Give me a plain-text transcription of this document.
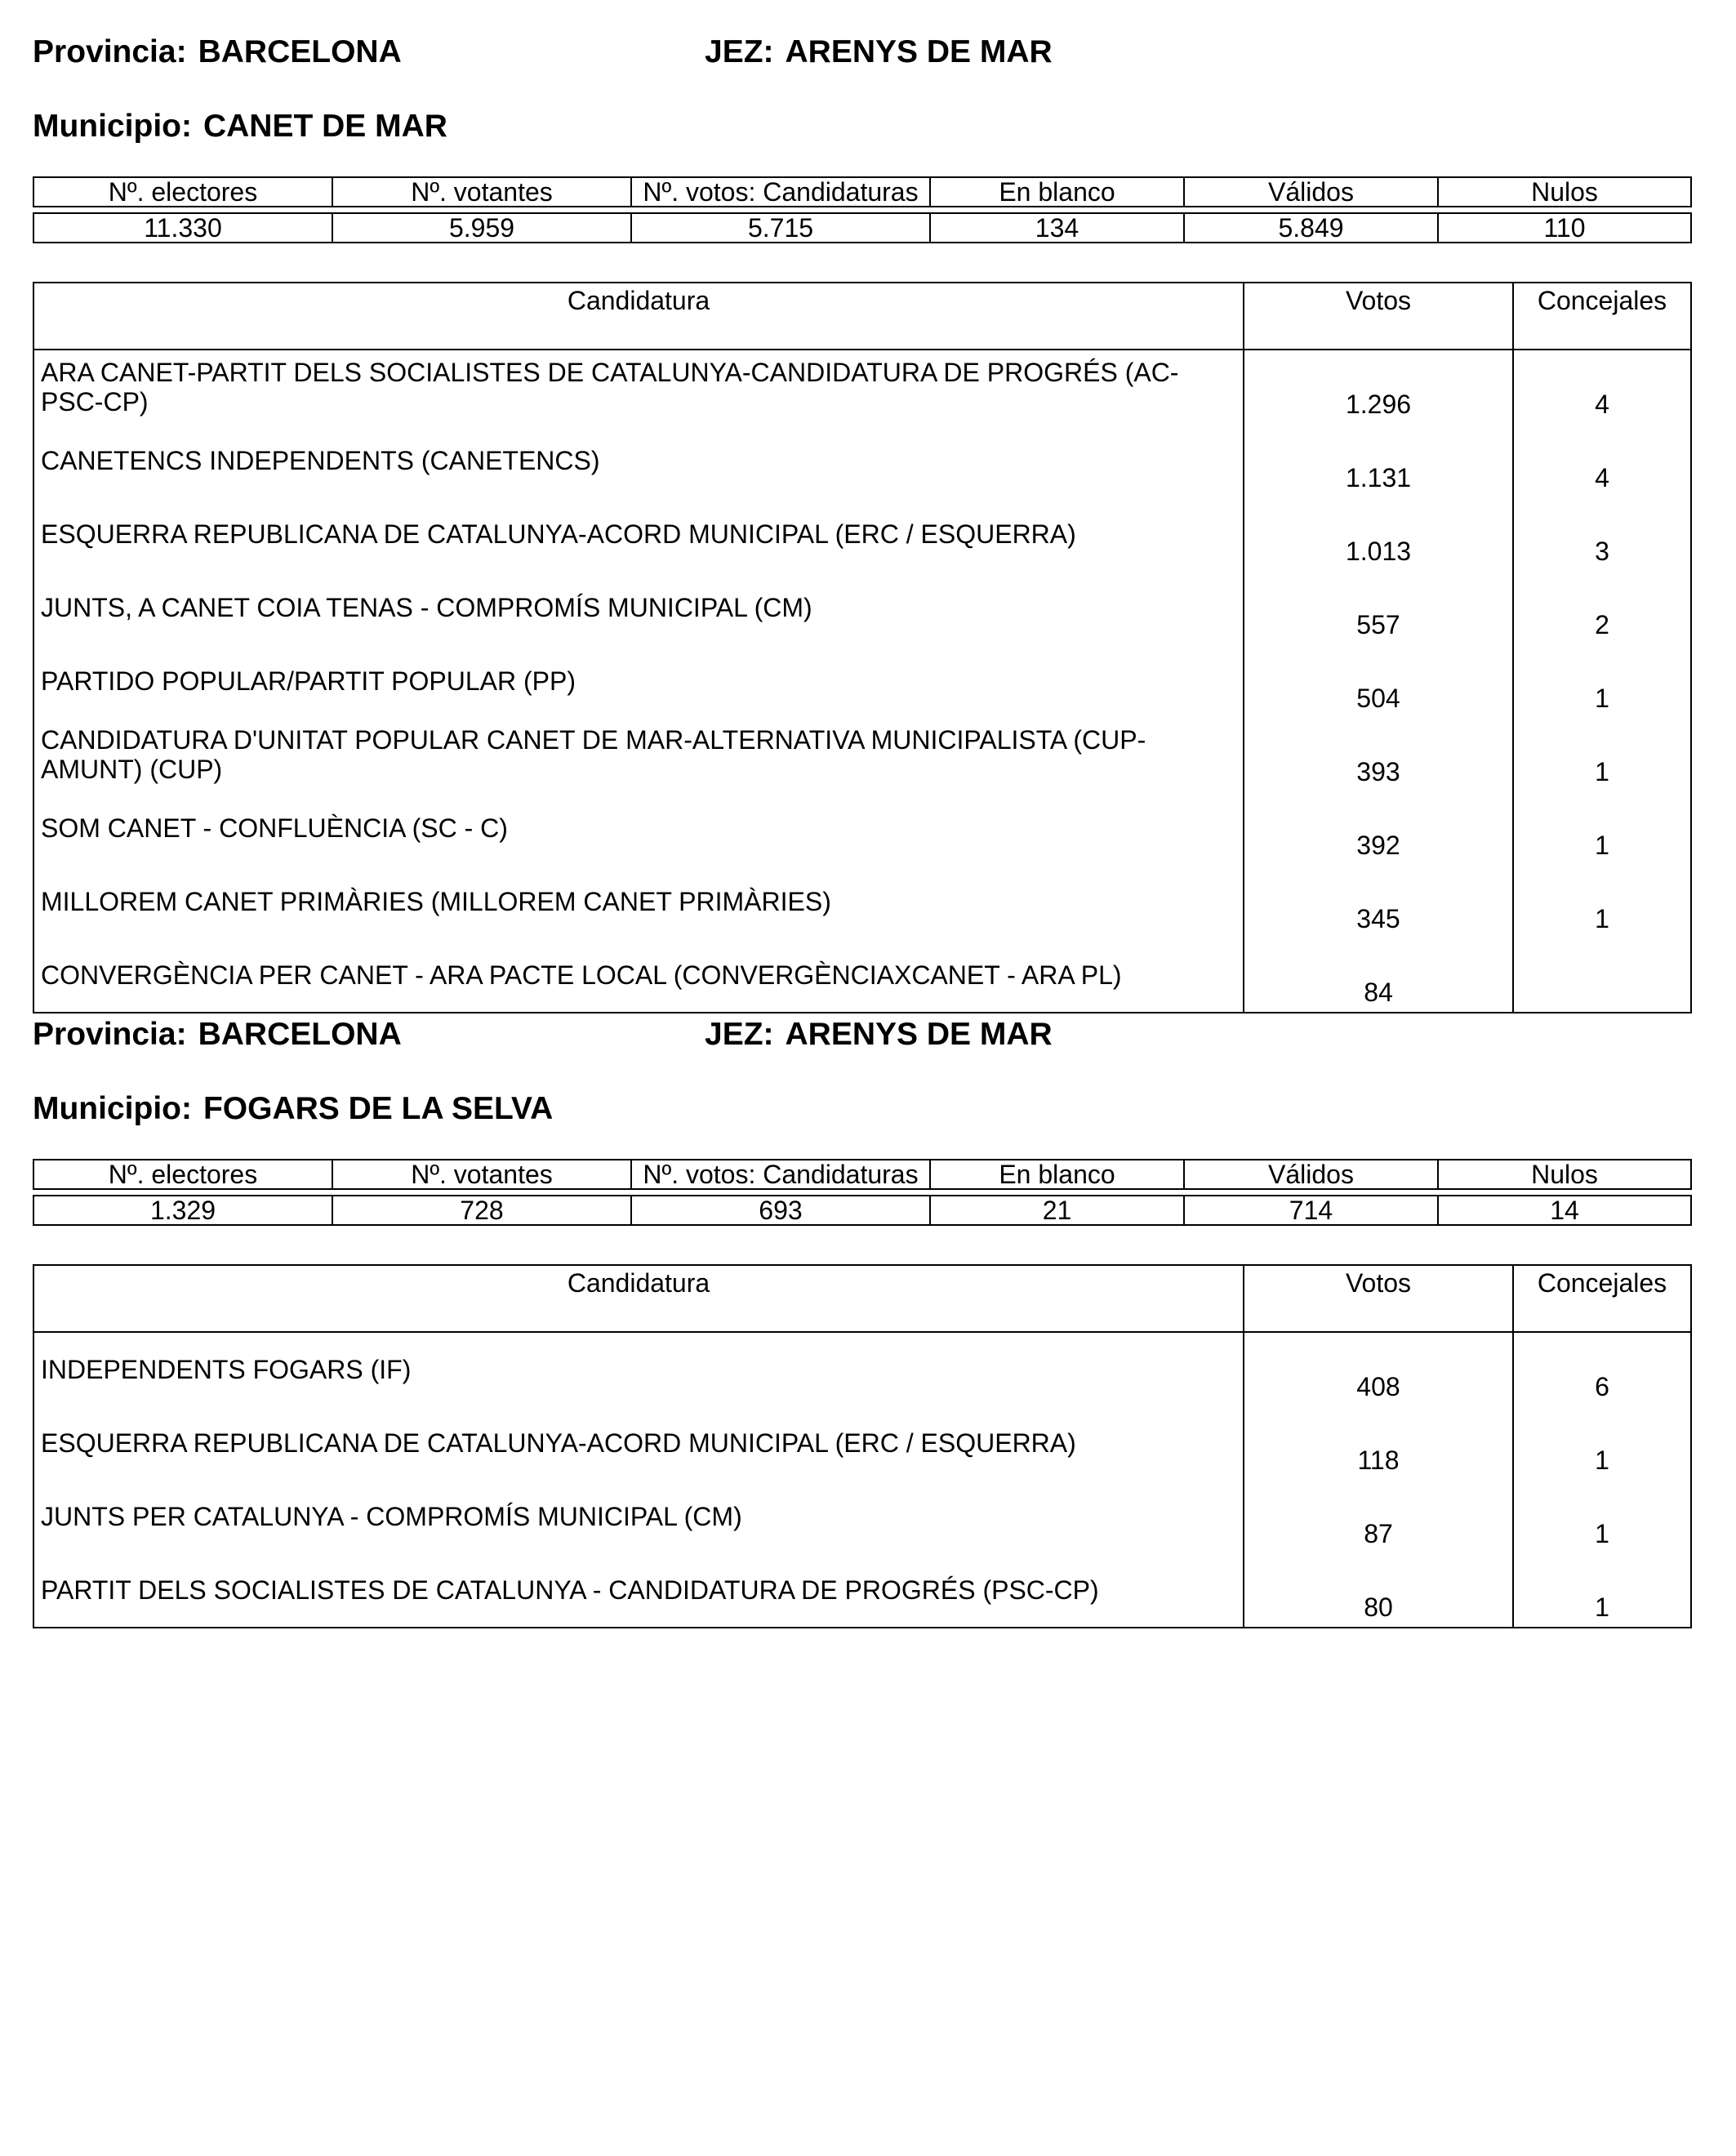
Provincia: BARCELONA	JEZ: ARENYS DE MAR
Municipio: CANET DE MAR
Nº. electores	Nº. votantes	Nº. votos: Candidaturas	En blanco	Válidos	Nulos

11.330	5.959	5.715	134	5.849	110
Candidatura	Votos	Concejales
ARA CANET-PARTIT DELS SOCIALISTES DE CATALUNYA-CANDIDATURA DE PROGRÉS (AC-PSC-CP)	1.296	4
CANETENCS INDEPENDENTS (CANETENCS)	1.131	4
ESQUERRA REPUBLICANA DE CATALUNYA-ACORD MUNICIPAL (ERC / ESQUERRA)	1.013	3
JUNTS, A CANET COIA TENAS - COMPROMÍS MUNICIPAL (CM)	557	2
PARTIDO POPULAR/PARTIT POPULAR (PP)	504	1
CANDIDATURA D'UNITAT POPULAR CANET DE MAR-ALTERNATIVA MUNICIPALISTA (CUP-AMUNT) (CUP)	393	1
SOM CANET - CONFLUÈNCIA (SC - C)	392	1
MILLOREM CANET PRIMÀRIES (MILLOREM CANET PRIMÀRIES)	345	1
CONVERGÈNCIA PER CANET - ARA PACTE LOCAL (CONVERGÈNCIAXCANET - ARA PL)	84	
Provincia: BARCELONA	JEZ: ARENYS DE MAR
Municipio: FOGARS DE LA SELVA
Nº. electores	Nº. votantes	Nº. votos: Candidaturas	En blanco	Válidos	Nulos

1.329	728	693	21	714	14
Candidatura	Votos	Concejales
INDEPENDENTS FOGARS (IF)	408	6
ESQUERRA REPUBLICANA DE CATALUNYA-ACORD MUNICIPAL (ERC / ESQUERRA)	118	1
JUNTS PER CATALUNYA - COMPROMÍS MUNICIPAL (CM)	87	1
PARTIT DELS SOCIALISTES DE CATALUNYA - CANDIDATURA DE PROGRÉS (PSC-CP)	80	1
